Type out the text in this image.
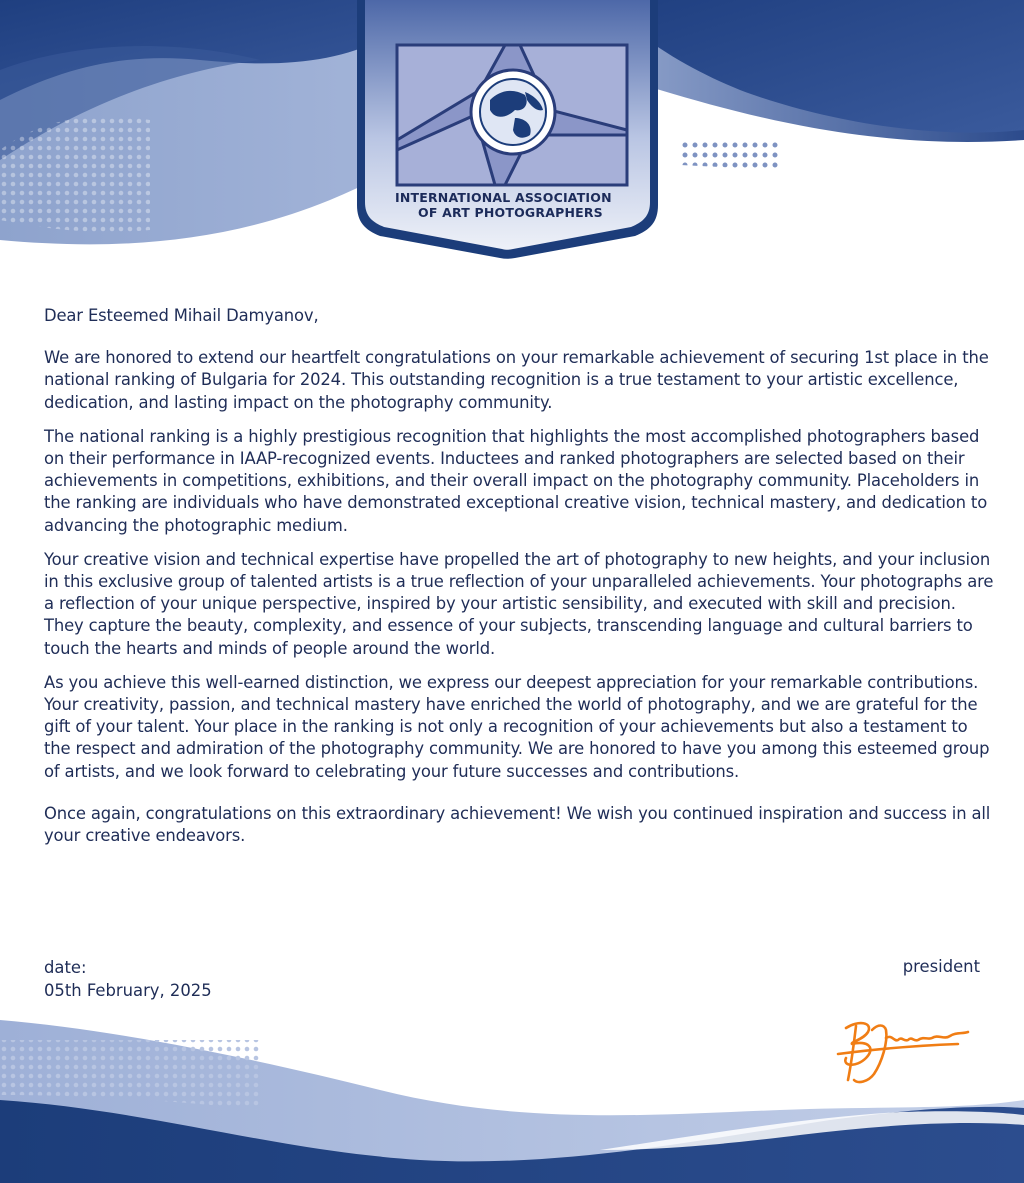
INTERNATIONAL ASSOCIATION

OF ART PHOTOGRAPHERS

Dear Esteemed Mihail Damyanov,

We are honored to extend our heartfelt congratulations on your remarkable achievement of securing 1st place in the national ranking of Bulgaria for 2024. This outstanding recognition is a true testament to your artistic excellence, dedication, and lasting impact on the photography community.

The national ranking is a highly prestigious recognition that highlights the most accomplished photographers based on their performance in IAAP-recognized events. Inductees and ranked photographers are selected based on their achievements in competitions, exhibitions, and their overall impact on the photography community. Placeholders in the ranking are individuals who have demonstrated exceptional creative vision, technical mastery, and dedication to advancing the photographic medium.

Your creative vision and technical expertise have propelled the art of photography to new heights, and your inclusion in this exclusive group of talented artists is a true reflection of your unparalleled achievements. Your photographs are a reflection of your unique perspective, inspired by your artistic sensibility, and executed with skill and precision. They capture the beauty, complexity, and essence of your subjects, transcending language and cultural barriers to touch the hearts and minds of people around the world.

As you achieve this well-earned distinction, we express our deepest appreciation for your remarkable contributions. Your creativity, passion, and technical mastery have enriched the world of photography, and we are grateful for the gift of your talent. Your place in the ranking is not only a recognition of your achievements but also a testament to the respect and admiration of the photography community. We are honored to have you among this esteemed group of artists, and we look forward to celebrating your future successes and contributions.

Once again, congratulations on this extraordinary achievement! We wish you continued inspiration and success in all your creative endeavors.

date:

05th February, 2025

president
